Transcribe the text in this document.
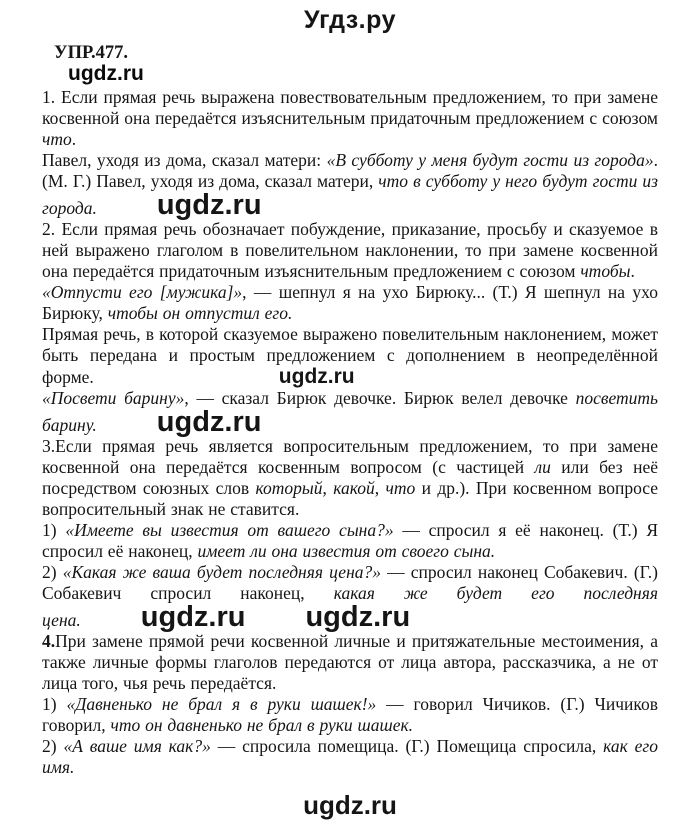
Угдз.ру
УПР.477.
ugdz.ru

1. Если прямая речь выражена повествовательным предложением, то при замене косвенной она передаётся изъяснительным придаточным предложением с союзом что.

Павел, уходя из дома, сказал матери: «В субботу у меня будут гости из города». (М. Г.) Павел, уходя из дома, сказал матери, что в субботу у него будут гости из города. ugdz.ru

2. Если прямая речь обозначает побуждение, приказание, просьбу и сказуемое в ней выражено глаголом в повелительном наклонении, то при замене косвенной она передаётся придаточным изъяснительным предложением с союзом чтобы.

«Отпусти его [мужика]», — шепнул я на ухо Бирюку... (Т.) Я шепнул на ухо Бирюку, чтобы он отпустил его.

Прямая речь, в которой сказуемое выражено повелительным наклонением, может быть передана и простым предложением с дополнением в неопределённой форме.	ugdz.ru

«Посвети барину», — сказал Бирюк девочке. Бирюк велел девочке посветить барину. ugdz.ru

3.Если прямая речь является вопросительным предложением, то при замене косвенной она передаётся косвенным вопросом (с частицей ли или без неё посредством союзных слов который, какой, что и др.). При косвенном вопросе вопросительный знак не ставится.

1) «Имеете вы известия от вашего сына?» — спросил я её наконец. (Т.) Я спросил её наконец, имеет ли она известия от своего сына.

2) «Какая же ваша будет последняя цена?» — спросил наконец Собакевич. (Г.) Собакевич спросил наконец, какая же будет его последняя цена. ugdz.ru ugdz.ru

4.При замене прямой речи косвенной личные и притяжательные местоимения, а также личные формы глаголов передаются от лица автора, рассказчика, а не от лица того, чья речь передаётся.

1) «Давненько не брал я в руки шашек!» — говорил Чичиков. (Г.) Чичиков говорил, что он давненько не брал в руки шашек.

2) «А ваше имя как?» — спросила помещица. (Г.) Помещица спросила, как его имя.

ugdz.ru
